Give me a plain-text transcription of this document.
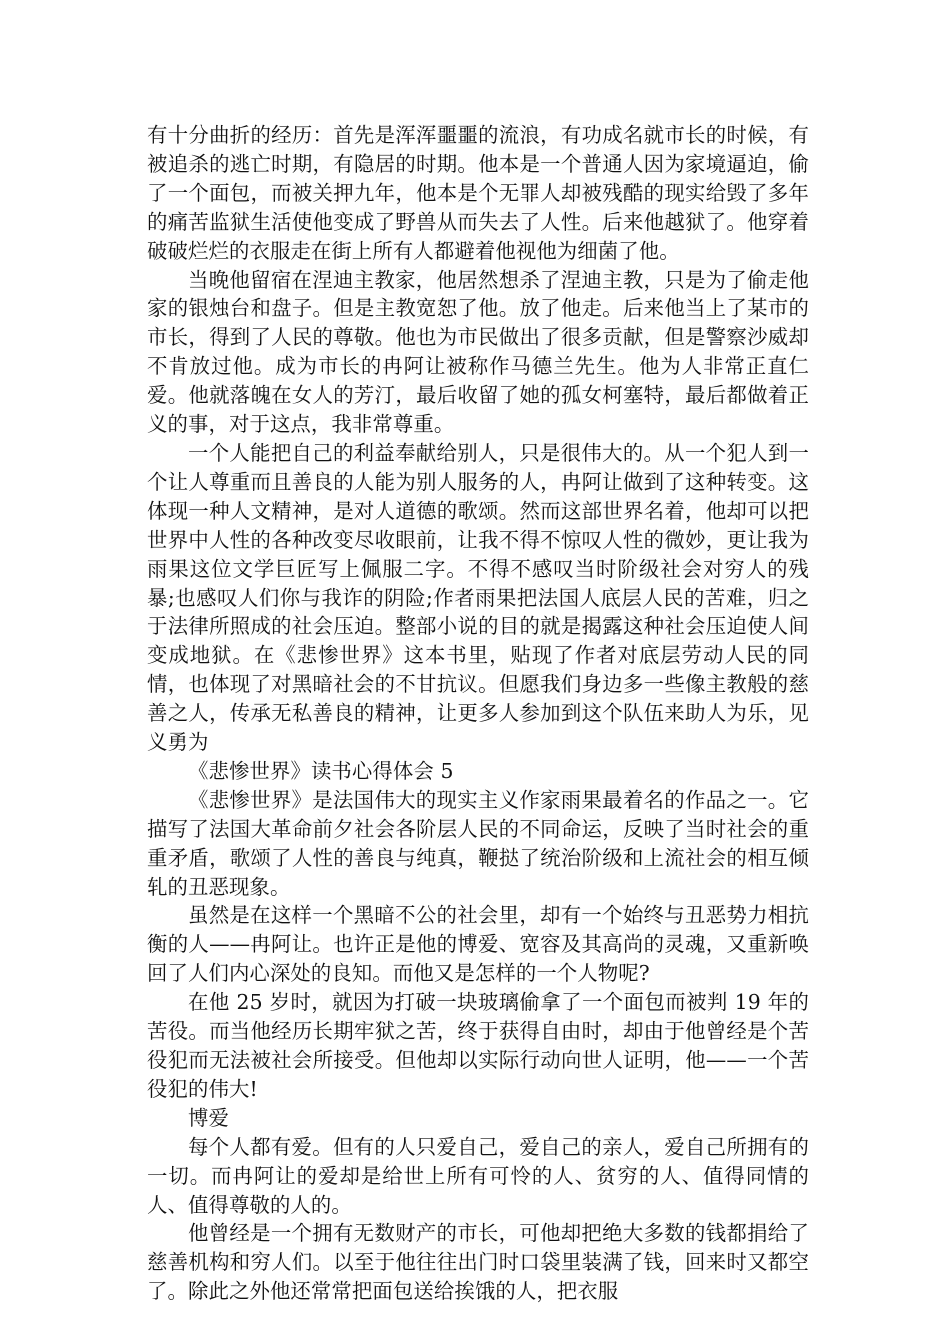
有十分曲折的经历：首先是浑浑噩噩的流浪，有功成名就市长的时候，有被追杀的逃亡时期，有隐居的时期。他本是一个普通人因为家境逼迫，偷了一个面包，而被关押九年，他本是个无罪人却被残酷的现实给毁了多年的痛苦监狱生活使他变成了野兽从而失去了人性。后来他越狱了。他穿着破破烂烂的衣服走在街上所有人都避着他视他为细菌了他。

当晚他留宿在涅迪主教家，他居然想杀了涅迪主教，只是为了偷走他家的银烛台和盘子。但是主教宽恕了他。放了他走。后来他当上了某市的市长，得到了人民的尊敬。他也为市民做出了很多贡献，但是警察沙威却不肯放过他。成为市长的冉阿让被称作马德兰先生。他为人非常正直仁爱。他就落魄在女人的芳汀，最后收留了她的孤女柯塞特，最后都做着正义的事，对于这点，我非常尊重。

一个人能把自己的利益奉献给别人，只是很伟大的。从一个犯人到一个让人尊重而且善良的人能为别人服务的人，冉阿让做到了这种转变。这体现一种人文精神，是对人道德的歌颂。然而这部世界名着，他却可以把世界中人性的各种改变尽收眼前，让我不得不惊叹人性的微妙，更让我为雨果这位文学巨匠写上佩服二字。不得不感叹当时阶级社会对穷人的残暴;也感叹人们你与我诈的阴险;作者雨果把法国人底层人民的苦难，归之于法律所照成的社会压迫。整部小说的目的就是揭露这种社会压迫使人间变成地狱。在《悲惨世界》这本书里，贴现了作者对底层劳动人民的同情，也体现了对黑暗社会的不甘抗议。但愿我们身边多一些像主教般的慈善之人，传承无私善良的精神，让更多人参加到这个队伍来助人为乐，见义勇为

《悲惨世界》读书心得体会 5

《悲惨世界》是法国伟大的现实主义作家雨果最着名的作品之一。它描写了法国大革命前夕社会各阶层人民的不同命运，反映了当时社会的重重矛盾，歌颂了人性的善良与纯真，鞭挞了统治阶级和上流社会的相互倾轧的丑恶现象。

虽然是在这样一个黑暗不公的社会里，却有一个始终与丑恶势力相抗衡的人——冉阿让。也许正是他的博爱、宽容及其高尚的灵魂，又重新唤回了人们内心深处的良知。而他又是怎样的一个人物呢?

在他 25 岁时，就因为打破一块玻璃偷拿了一个面包而被判 19 年的苦役。而当他经历长期牢狱之苦，终于获得自由时，却由于他曾经是个苦役犯而无法被社会所接受。但他却以实际行动向世人证明，他——一个苦役犯的伟大!

博爱

每个人都有爱。但有的人只爱自己，爱自己的亲人，爱自己所拥有的一切。而冉阿让的爱却是给世上所有可怜的人、贫穷的人、值得同情的人、值得尊敬的人的。

他曾经是一个拥有无数财产的市长，可他却把绝大多数的钱都捐给了慈善机构和穷人们。以至于他往往出门时口袋里装满了钱，回来时又都空了。除此之外他还常常把面包送给挨饿的人，把衣服
